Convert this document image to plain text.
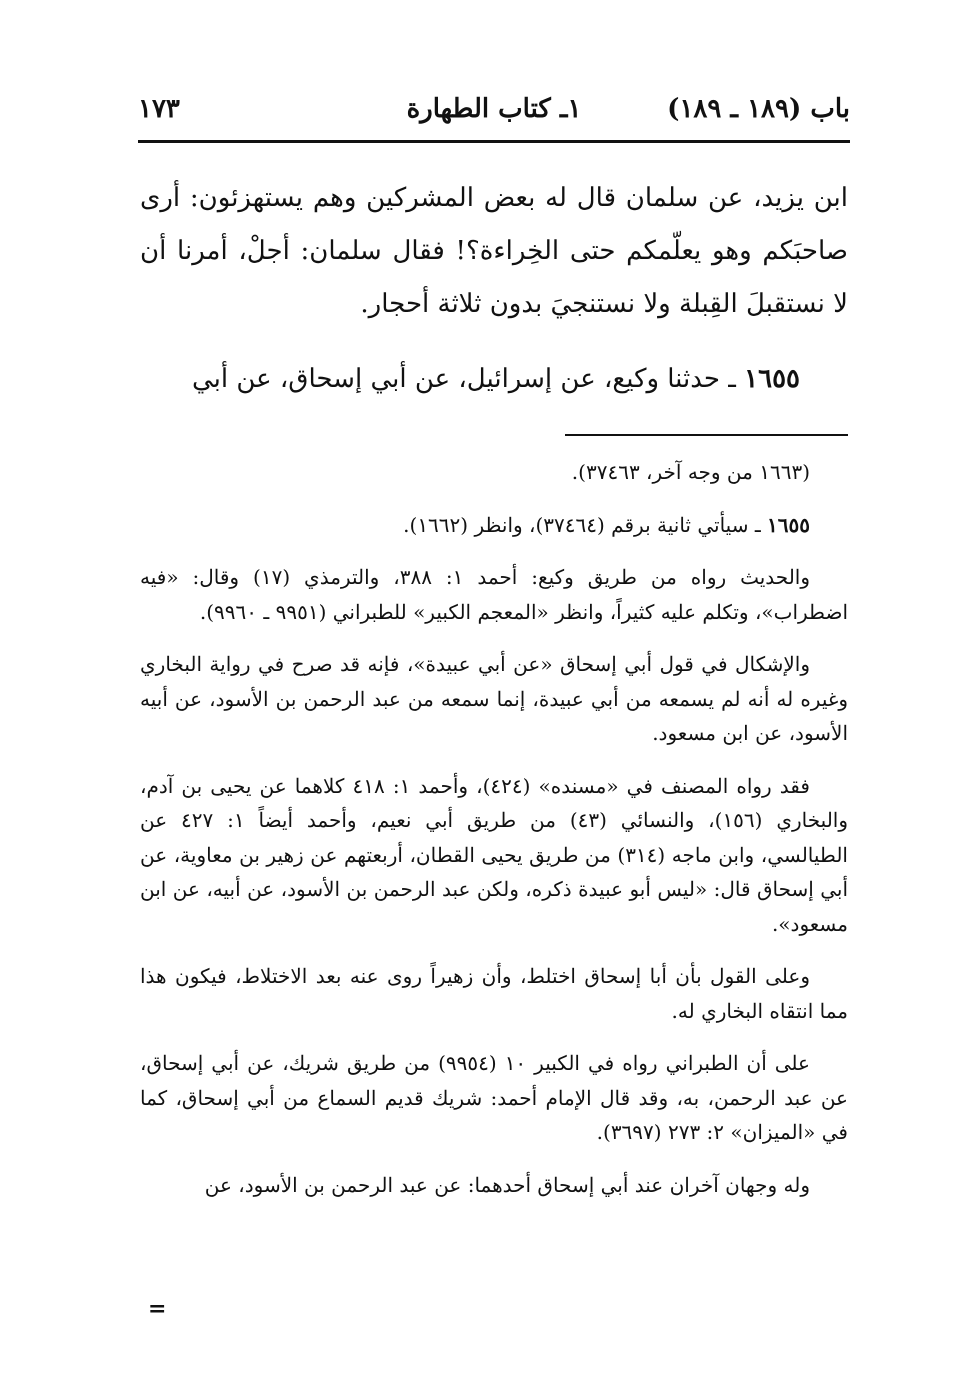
باب (١٨٩ ـ ١٨٩)
١ـ كتاب الطهارة
١٧٣

ابن يزيد، عن سلمان قال له بعض المشركين وهم يستهزئون: أرى صاحبَكم وهو يعلّمكم حتى الخِراءة؟! فقال سلمان: أجلْ، أمرنا أن لا نستقبلَ القِبلة ولا نستنجيَ بدون ثلاثة أحجار.

١٦٥٥ ـ حدثنا وكيع، عن إسرائيل، عن أبي إسحاق، عن أبي

(١٦٦٣ من وجه آخر، ٣٧٤٦٣).

١٦٥٥ ـ سيأتي ثانية برقم (٣٧٤٦٤)، وانظر (١٦٦٢).

والحديث رواه من طريق وكيع: أحمد ١: ٣٨٨، والترمذي (١٧) وقال: «فيه اضطراب»، وتكلم عليه كثيراً، وانظر «المعجم الكبير» للطبراني (٩٩٥١ ـ ٩٩٦٠).

والإشكال في قول أبي إسحاق «عن أبي عبيدة»، فإنه قد صرح في رواية البخاري وغيره له أنه لم يسمعه من أبي عبيدة، إنما سمعه من عبد الرحمن بن الأسود، عن أبيه الأسود، عن ابن مسعود.

فقد رواه المصنف في «مسنده» (٤٢٤)، وأحمد ١: ٤١٨ كلاهما عن يحيى بن آدم، والبخاري (١٥٦)، والنسائي (٤٣) من طريق أبي نعيم، وأحمد أيضاً ١: ٤٢٧ عن الطيالسي، وابن ماجه (٣١٤) من طريق يحيى القطان، أربعتهم عن زهير بن معاوية، عن أبي إسحاق قال: «ليس أبو عبيدة ذكره، ولكن عبد الرحمن بن الأسود، عن أبيه، عن ابن مسعود».

وعلى القول بأن أبا إسحاق اختلط، وأن زهيراً روى عنه بعد الاختلاط، فيكون هذا مما انتقاه البخاري له.

على أن الطبراني رواه في الكبير ١٠ (٩٩٥٤) من طريق شريك، عن أبي إسحاق، عن عبد الرحمن، به، وقد قال الإمام أحمد: شريك قديم السماع من أبي إسحاق، كما في «الميزان» ٢: ٢٧٣ (٣٦٩٧).

وله وجهان آخران عند أبي إسحاق أحدهما: عن عبد الرحمن بن الأسود، عن

=
